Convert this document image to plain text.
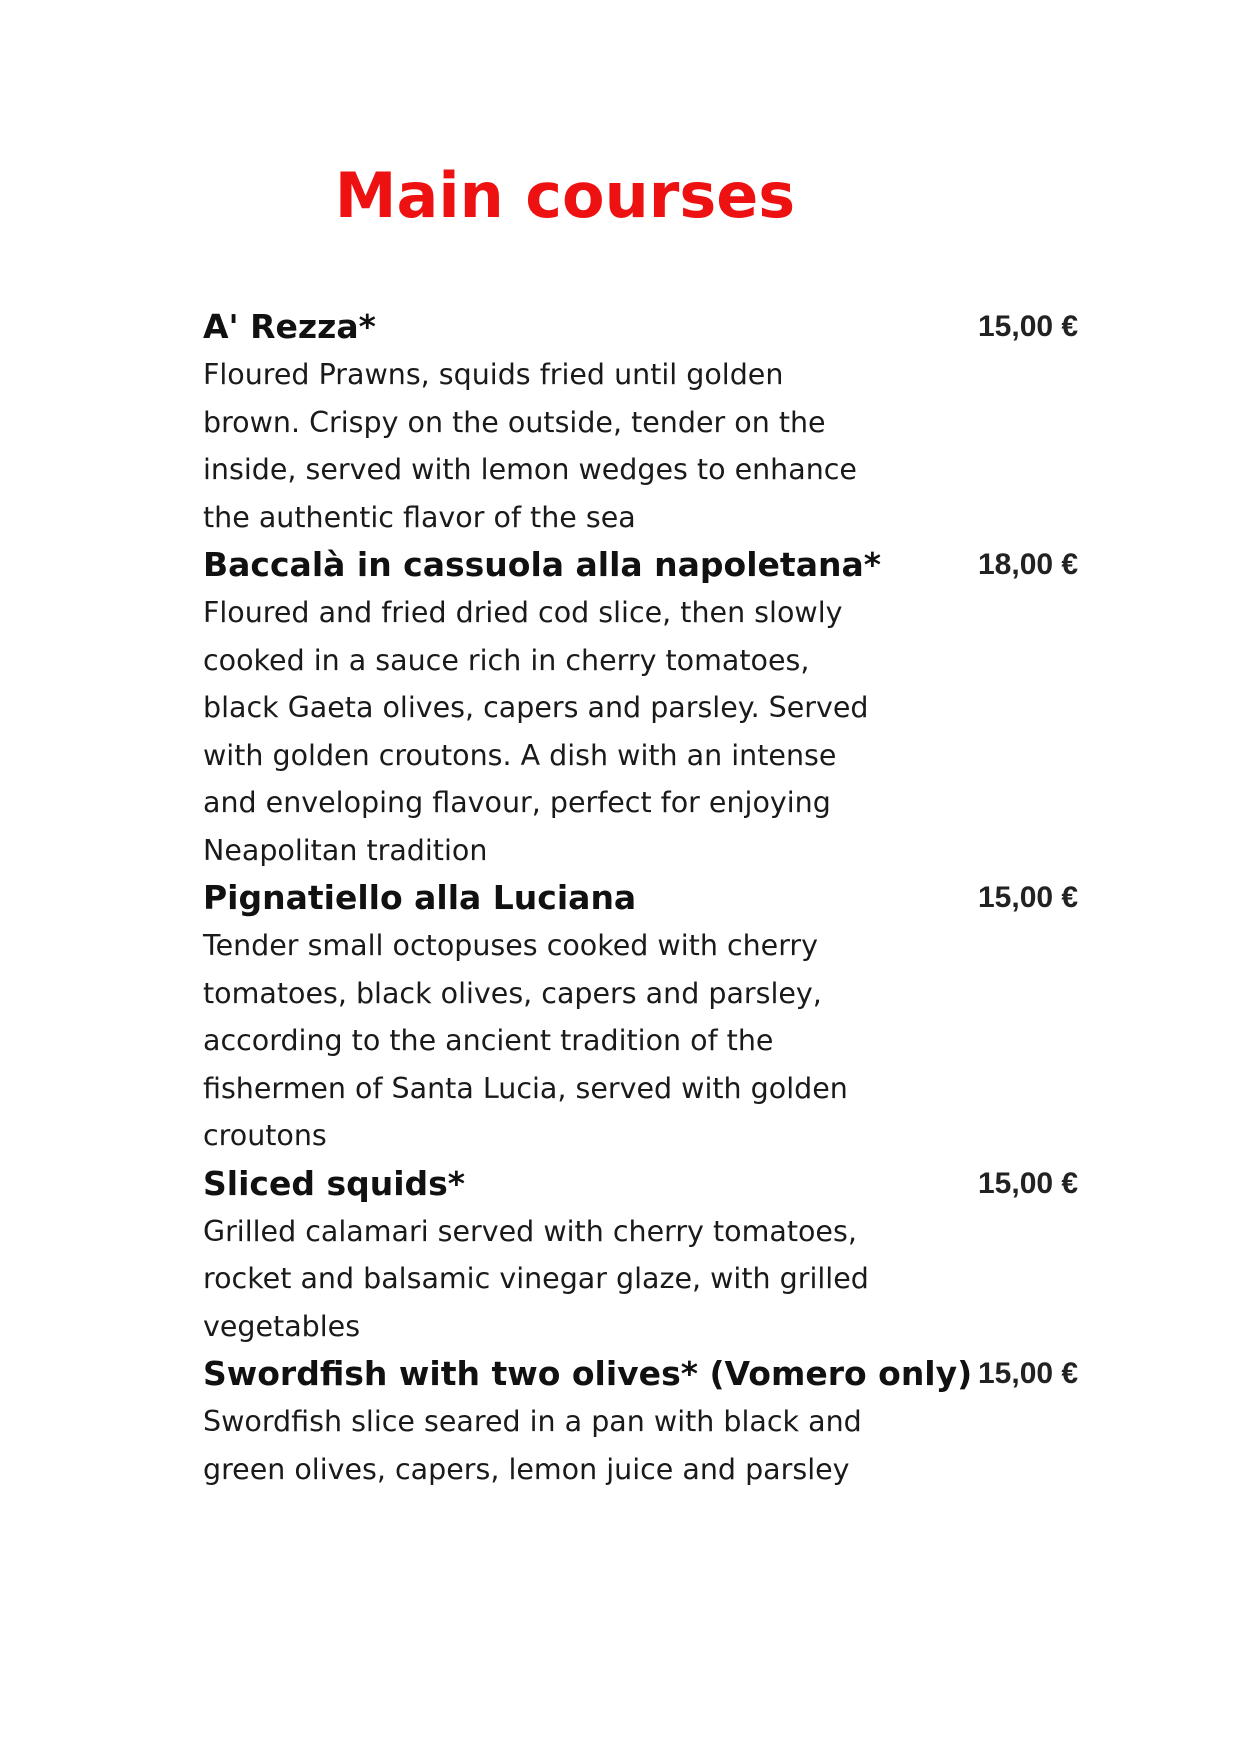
Main courses
A' Rezza*	15,00 €
Floured Prawns, squids fried until golden
brown. Crispy on the outside, tender on the
inside, served with lemon wedges to enhance
the authentic flavor of the sea
Baccalà in cassuola alla napoletana*	18,00 €
Floured and fried dried cod slice, then slowly
cooked in a sauce rich in cherry tomatoes,
black Gaeta olives, capers and parsley. Served
with golden croutons. A dish with an intense
and enveloping flavour, perfect for enjoying
Neapolitan tradition
Pignatiello alla Luciana	15,00 €
Tender small octopuses cooked with cherry
tomatoes, black olives, capers and parsley,
according to the ancient tradition of the
fishermen of Santa Lucia, served with golden
croutons
Sliced squids*	15,00 €
Grilled calamari served with cherry tomatoes,
rocket and balsamic vinegar glaze, with grilled
vegetables
Swordfish with two olives* (Vomero only) 15,00 €
Swordfish slice seared in a pan with black and
green olives, capers, lemon juice and parsley
